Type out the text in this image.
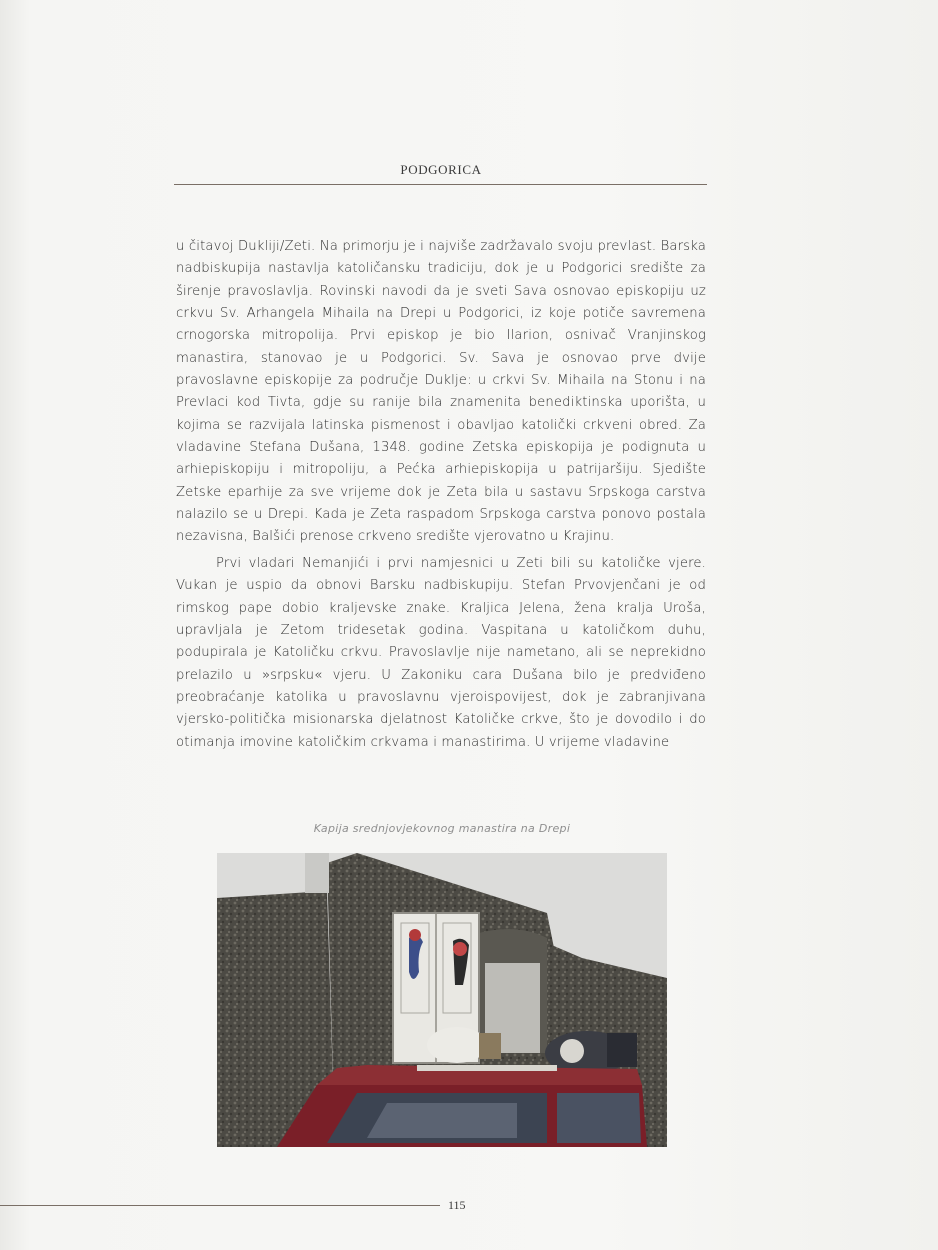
PODGORICA

u čitavoj Dukliji/Zeti. Na primorju je i najviše zadržavalo svoju prevlast. Barska nadbiskupija nastavlja katoličansku tradiciju, dok je u Podgorici središte za širenje pravoslavlja. Rovinski navodi da je sveti Sava osnovao episkopiju uz crkvu Sv. Arhangela Mihaila na Drepi u Podgorici, iz koje potiče savremena crnogorska mitropolija. Prvi episkop je bio Ilarion, osnivač Vranjinskog manastira, stanovao je u Podgorici. Sv. Sava je osnovao prve dvije pravoslavne episkopije za područje Duklje: u crkvi Sv. Mihaila na Stonu i na Prevlaci kod Tivta, gdje su ranije bila znamenita benediktinska uporišta, u kojima se razvijala latinska pismenost i obavljao katolički crkveni obred. Za vladavine Stefana Dušana, 1348. godine Zetska episkopija je podignuta u arhiepiskopiju i mitropoliju, a Pećka arhiepiskopija u patrijaršiju. Sjedište Zetske eparhije za sve vrijeme dok je Zeta bila u sastavu Srpskoga carstva nalazilo se u Drepi. Kada je Zeta raspadom Srpskoga carstva ponovo postala nezavisna, Balšići prenose crkveno središte vjerovatno u Krajinu.

Prvi vladari Nemanjići i prvi namjesnici u Zeti bili su katoličke vjere. Vukan je uspio da obnovi Barsku nadbiskupiju. Stefan Prvovjenčani je od rimskog pape dobio kraljevske znake. Kraljica Jelena, žena kralja Uroša, upravljala je Zetom tridesetak godina. Vaspitana u katoličkom duhu, podupirala je Katoličku crkvu. Pravoslavlje nije nametano, ali se neprekidno prelazilo u »srpsku« vjeru. U Zakoniku cara Dušana bilo je predviđeno preobraćanje katolika u pravoslavnu vjeroispovijest, dok je zabranjivana vjersko-politička misionarska djelatnost Katoličke crkve, što je dovodilo i do otimanja imovine katoličkim crkvama i manastirima. U vrijeme vladavine

Kapija srednjovjekovnog manastira na Drepi
115
